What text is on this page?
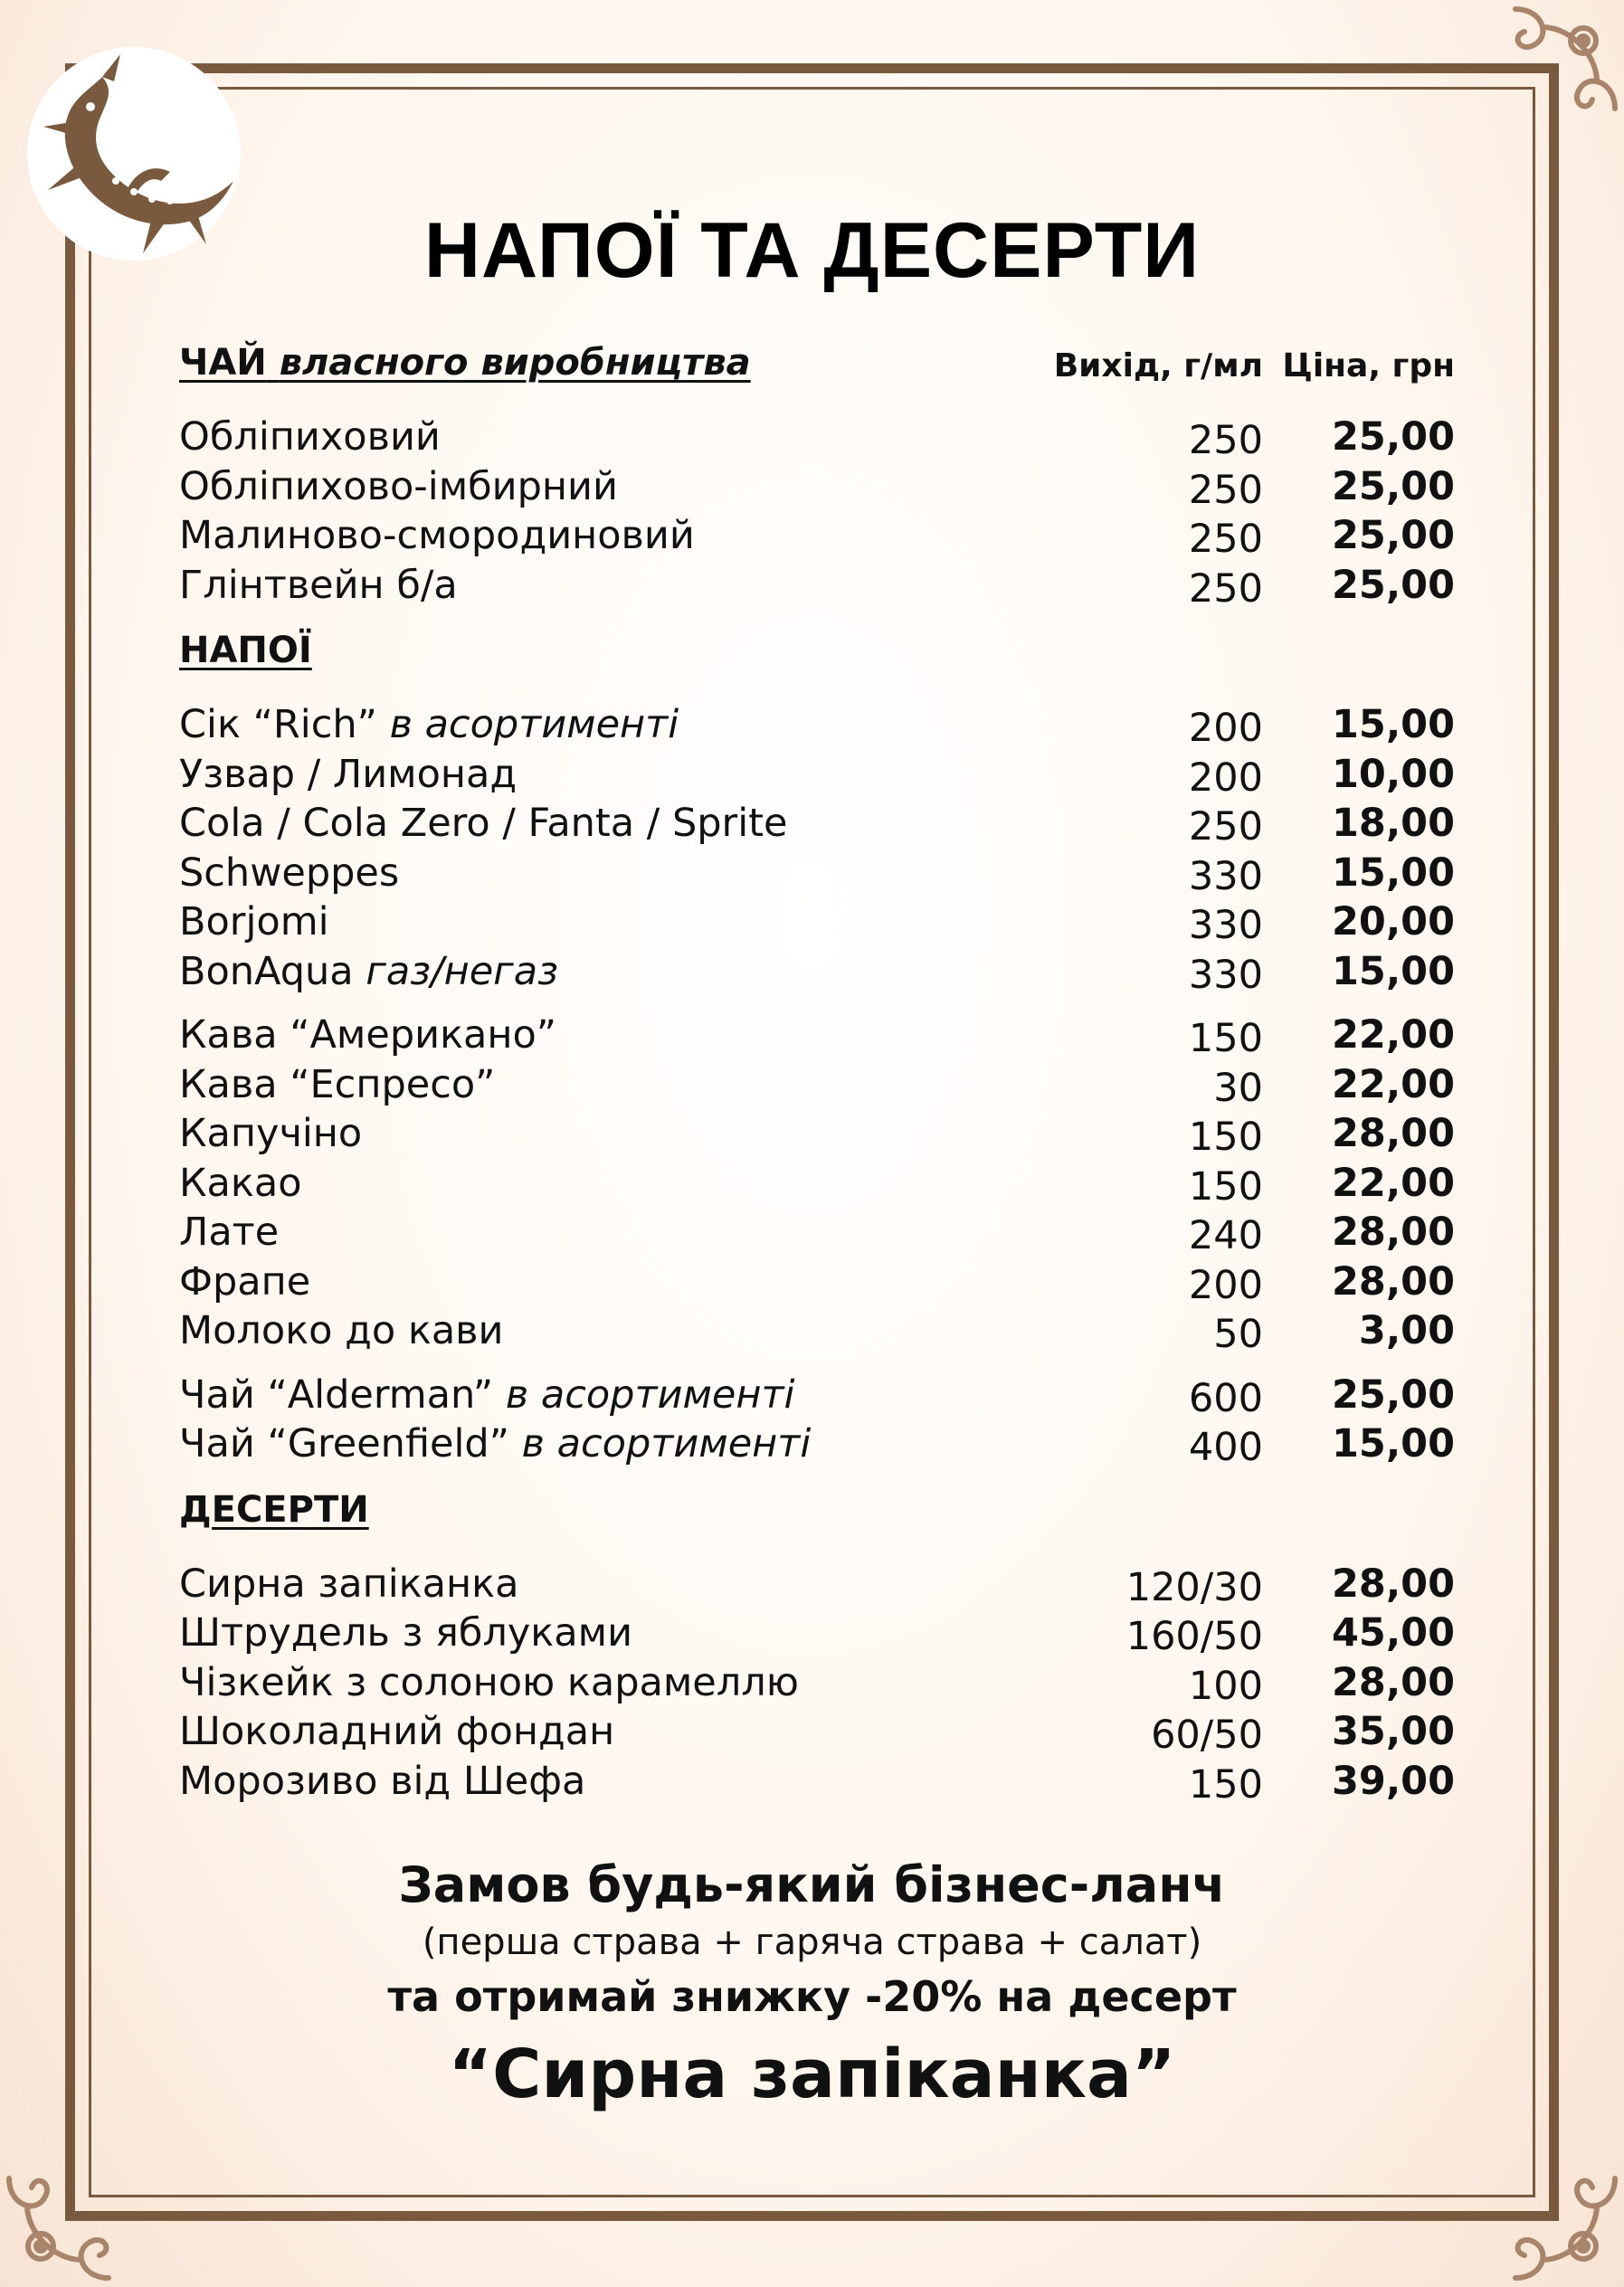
НАПОЇ ТА ДЕСЕРТИ
ЧАЙ власного виробництва	Вихід, г/мл Ціна, грн
Обліпиховий	250 25,00
Обліпихово-імбирний	250 25,00
Малиново-смородиновий	250 25,00
Глінтвейн б/а	250 25,00
НАПОЇ
Сік “Rich” в асортименті	200 15,00
Узвар / Лимонад	200 10,00
Cola / Cola Zero / Fanta / Sprite	250 18,00
Schweppes	330 15,00
Borjomi	330 20,00
BonAqua газ/негаз	330 15,00
Кава “Американо”	150 22,00
Кава “Еспресо”	30 22,00
Капучіно	150 28,00
Какао	150 22,00
Лате	240 28,00
Фрапе	200 28,00
Молоко до кави	50 3,00
Чай “Alderman” в асортименті	600 25,00
Чай “Greenfield” в асортименті	400 15,00
ДЕСЕРТИ
Сирна запіканка	120/30 28,00
Штрудель з яблуками	160/50 45,00
Чізкейк з солоною карамеллю	100 28,00
Шоколадний фондан	60/50 35,00
Морозиво від Шефа	150 39,00
Замов будь-який бізнес-ланч
(перша страва + гаряча страва + салат)
та отримай знижку -20% на десерт
“Сирна запіканка”
